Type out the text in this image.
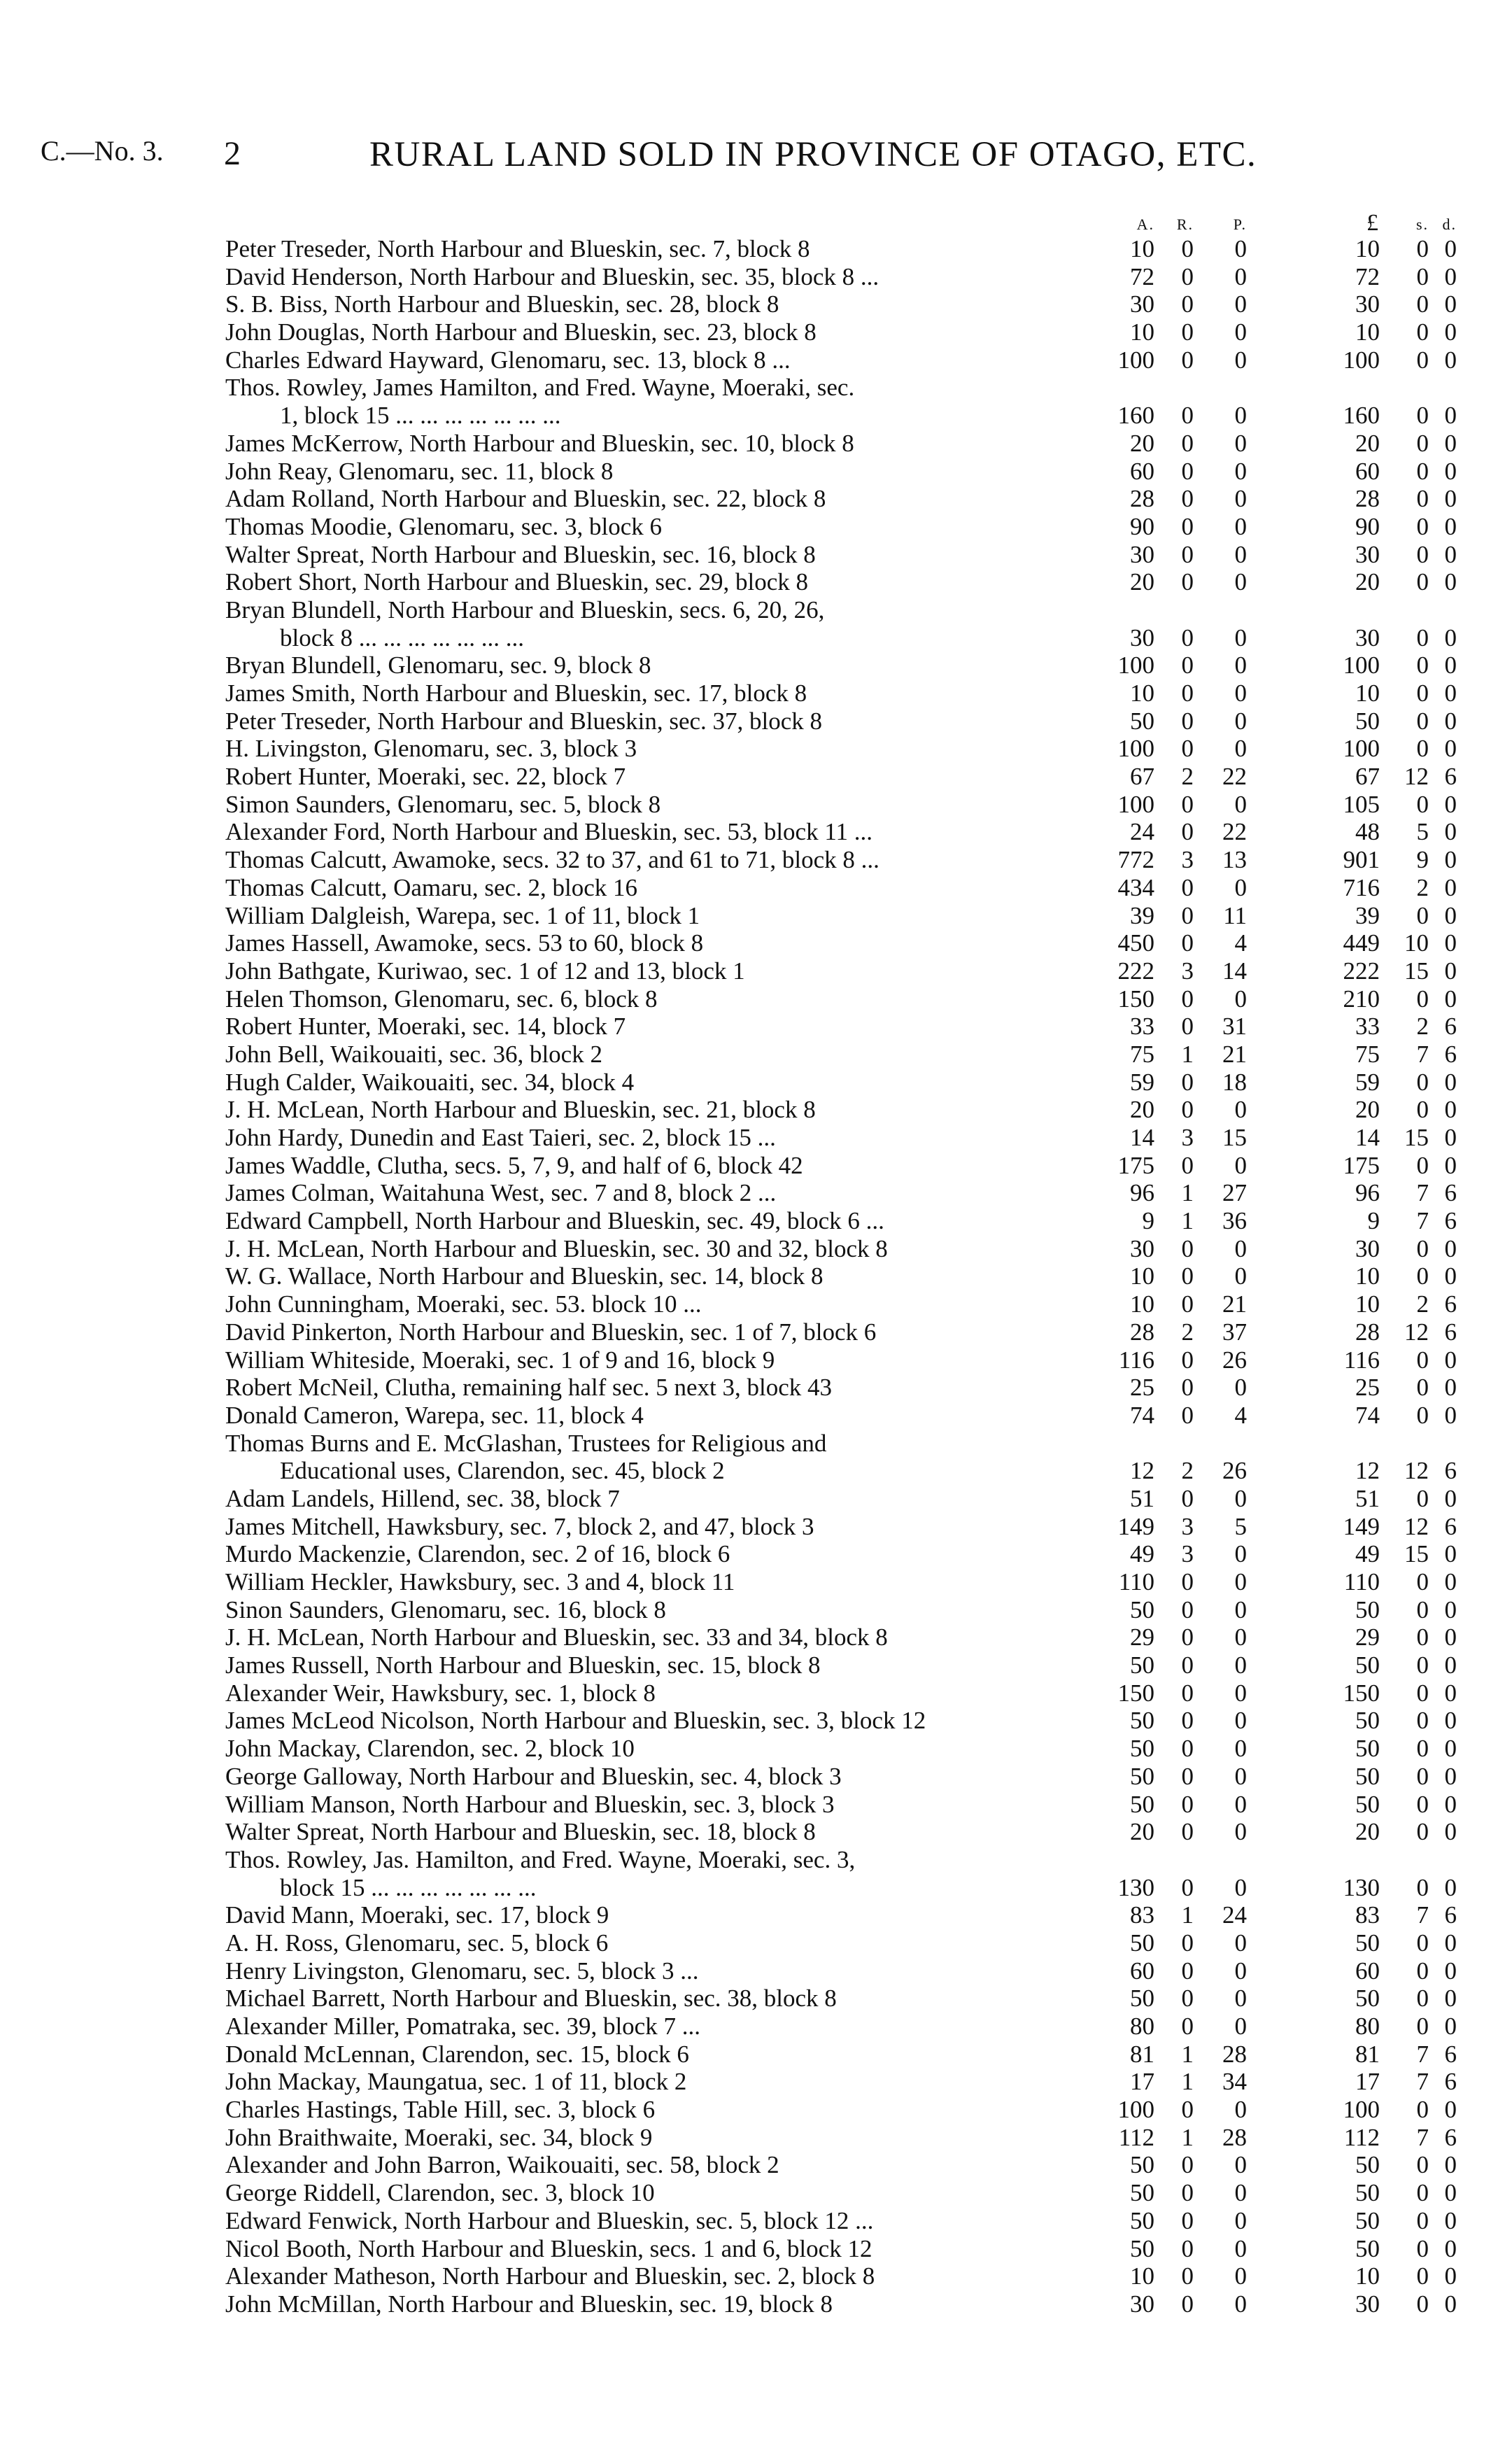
C.—No. 3. 2	RURAL LAND SOLD IN PROVINCE OF OTAGO, ETC.
A. R.	P.	£	s. d.
Peter Treseder, North Harbour and Blueskin, sec. 7, block 8	10	0	0	10	0 0
David Henderson, North Harbour and Blueskin, sec. 35, block 8 ...	72	0	0	72	0 0
S. B. Biss, North Harbour and Blueskin, sec. 28, block 8	30	0	0	30	0 0
John Douglas, North Harbour and Blueskin, sec. 23, block 8	10	0	0	10	0 0
Charles Edward Hayward, Glenomaru, sec. 13, block 8 ...	100	0	0	100	0 0
Thos. Rowley, James Hamilton, and Fred. Wayne, Moeraki, sec.
1, block 15 ... ... ... ... ... ... ...	160	0	0	160	0 0
James McKerrow, North Harbour and Blueskin, sec. 10, block 8	20	0	0	20	0 0
John Reay, Glenomaru, sec. 11, block 8	60	0	0	60	0 0
Adam Rolland, North Harbour and Blueskin, sec. 22, block 8	28	0	0	28	0 0
Thomas Moodie, Glenomaru, sec. 3, block 6	90	0	0	90	0 0
Walter Spreat, North Harbour and Blueskin, sec. 16, block 8	30	0	0	30	0 0
Robert Short, North Harbour and Blueskin, sec. 29, block 8	20	0	0	20	0 0
Bryan Blundell, North Harbour and Blueskin, secs. 6, 20, 26,
block 8 ... ... ... ... ... ... ...	30	0	0	30	0 0
Bryan Blundell, Glenomaru, sec. 9, block 8	100	0	0	100	0 0
James Smith, North Harbour and Blueskin, sec. 17, block 8	10	0	0	10	0 0
Peter Treseder, North Harbour and Blueskin, sec. 37, block 8	50	0	0	50	0 0
H. Livingston, Glenomaru, sec. 3, block 3	100	0	0	100	0 0
Robert Hunter, Moeraki, sec. 22, block 7	67	2	22	67	12 6
Simon Saunders, Glenomaru, sec. 5, block 8	100	0	0	105	0 0
Alexander Ford, North Harbour and Blueskin, sec. 53, block 11 ...	24	0	22	48	5 0
Thomas Calcutt, Awamoke, secs. 32 to 37, and 61 to 71, block 8 ...	772	3	13	901	9 0
Thomas Calcutt, Oamaru, sec. 2, block 16	434	0	0	716	2 0
William Dalgleish, Warepa, sec. 1 of 11, block 1	39	0	11	39	0 0
James Hassell, Awamoke, secs. 53 to 60, block 8	450	0	4	449	10 0
John Bathgate, Kuriwao, sec. 1 of 12 and 13, block 1	222	3	14	222	15 0
Helen Thomson, Glenomaru, sec. 6, block 8	150	0	0	210	0 0
Robert Hunter, Moeraki, sec. 14, block 7	33	0	31	33	2 6
John Bell, Waikouaiti, sec. 36, block 2	75	1	21	75	7 6
Hugh Calder, Waikouaiti, sec. 34, block 4	59	0	18	59	0 0
J. H. McLean, North Harbour and Blueskin, sec. 21, block 8	20	0	0	20	0 0
John Hardy, Dunedin and East Taieri, sec. 2, block 15 ...	14	3	15	14	15 0
James Waddle, Clutha, secs. 5, 7, 9, and half of 6, block 42	175	0	0	175	0 0
James Colman, Waitahuna West, sec. 7 and 8, block 2 ...	96	1	27	96	7 6
Edward Campbell, North Harbour and Blueskin, sec. 49, block 6 ...	9	1	36	9	7 6
J. H. McLean, North Harbour and Blueskin, sec. 30 and 32, block 8	30	0	0	30	0 0
W. G. Wallace, North Harbour and Blueskin, sec. 14, block 8	10	0	0	10	0 0
John Cunningham, Moeraki, sec. 53. block 10 ...	10	0	21	10	2 6
David Pinkerton, North Harbour and Blueskin, sec. 1 of 7, block 6	28	2	37	28	12 6
William Whiteside, Moeraki, sec. 1 of 9 and 16, block 9	116	0	26	116	0 0
Robert McNeil, Clutha, remaining half sec. 5 next 3, block 43	25	0	0	25	0 0
Donald Cameron, Warepa, sec. 11, block 4	74	0	4	74	0 0
Thomas Burns and E. McGlashan, Trustees for Religious and
Educational uses, Clarendon, sec. 45, block 2	12	2	26	12	12 6
Adam Landels, Hillend, sec. 38, block 7	51	0	0	51	0 0
James Mitchell, Hawksbury, sec. 7, block 2, and 47, block 3	149	3	5	149	12 6
Murdo Mackenzie, Clarendon, sec. 2 of 16, block 6	49	3	0	49	15 0
William Heckler, Hawksbury, sec. 3 and 4, block 11	110	0	0	110	0 0
Sinon Saunders, Glenomaru, sec. 16, block 8	50	0	0	50	0 0
J. H. McLean, North Harbour and Blueskin, sec. 33 and 34, block 8	29	0	0	29	0 0
James Russell, North Harbour and Blueskin, sec. 15, block 8	50	0	0	50	0 0
Alexander Weir, Hawksbury, sec. 1, block 8	150	0	0	150	0 0
James McLeod Nicolson, North Harbour and Blueskin, sec. 3, block 12	50	0	0	50	0 0
John Mackay, Clarendon, sec. 2, block 10	50	0	0	50	0 0
George Galloway, North Harbour and Blueskin, sec. 4, block 3	50	0	0	50	0 0
William Manson, North Harbour and Blueskin, sec. 3, block 3	50	0	0	50	0 0
Walter Spreat, North Harbour and Blueskin, sec. 18, block 8	20	0	0	20	0 0
Thos. Rowley, Jas. Hamilton, and Fred. Wayne, Moeraki, sec. 3,
block 15 ... ... ... ... ... ... ...	130	0	0	130	0 0
David Mann, Moeraki, sec. 17, block 9	83	1	24	83	7 6
A. H. Ross, Glenomaru, sec. 5, block 6	50	0	0	50	0 0
Henry Livingston, Glenomaru, sec. 5, block 3 ...	60	0	0	60	0 0
Michael Barrett, North Harbour and Blueskin, sec. 38, block 8	50	0	0	50	0 0
Alexander Miller, Pomatraka, sec. 39, block 7 ...	80	0	0	80	0 0
Donald McLennan, Clarendon, sec. 15, block 6	81	1	28	81	7 6
John Mackay, Maungatua, sec. 1 of 11, block 2	17	1	34	17	7 6
Charles Hastings, Table Hill, sec. 3, block 6	100	0	0	100	0 0
John Braithwaite, Moeraki, sec. 34, block 9	112	1	28	112	7 6
Alexander and John Barron, Waikouaiti, sec. 58, block 2	50	0	0	50	0 0
George Riddell, Clarendon, sec. 3, block 10	50	0	0	50	0 0
Edward Fenwick, North Harbour and Blueskin, sec. 5, block 12 ...	50	0	0	50	0 0
Nicol Booth, North Harbour and Blueskin, secs. 1 and 6, block 12	50	0	0	50	0 0
Alexander Matheson, North Harbour and Blueskin, sec. 2, block 8	10	0	0	10	0 0
John McMillan, North Harbour and Blueskin, sec. 19, block 8	30	0	0	30	0 0
